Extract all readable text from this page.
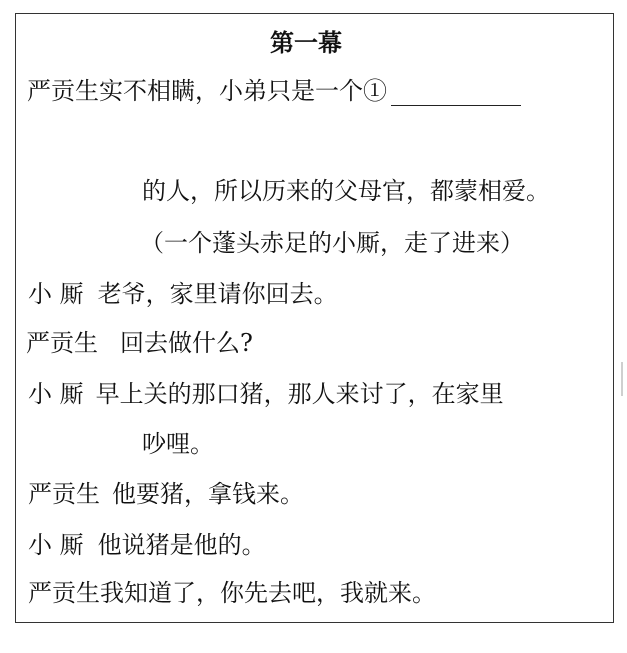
第一幕
严贡生实不相瞒，小弟只是一个①
的人，所以历来的父母官，都蒙相爱。
（一个蓬头赤足的小厮，走了进来）
小 厮 老爷，家里请你回去。
严贡生 回去做什么?
小 厮 早上关的那口猪，那人来讨了，在家里
吵哩。
严贡生 他要猪，拿钱来。
小 厮 他说猪是他的。
严贡生我知道了，你先去吧，我就来。
